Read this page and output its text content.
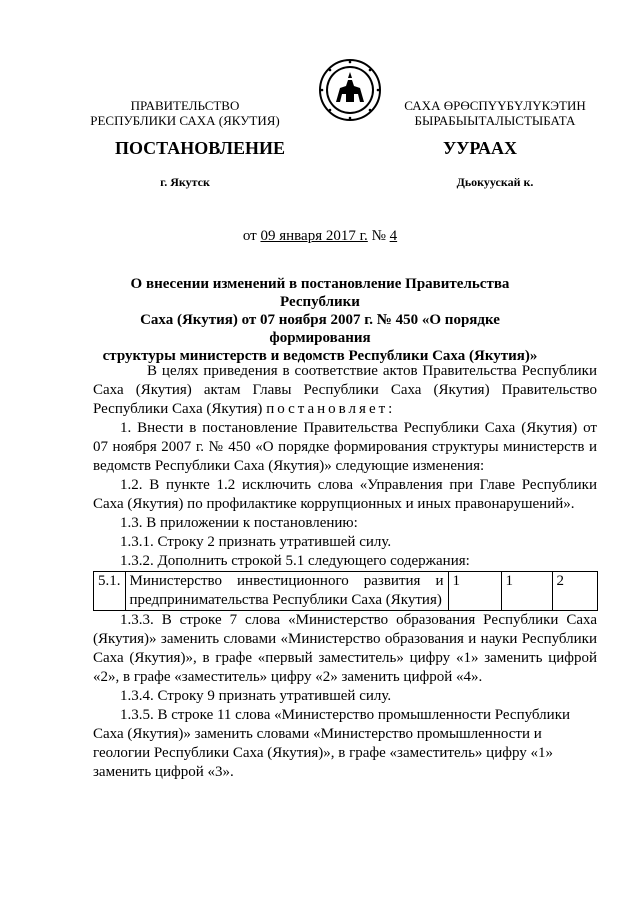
ПРАВИТЕЛЬСТВО
РЕСПУБЛИКИ САХА (ЯКУТИЯ)
САХА ӨРӨСПҮҮБҮЛҮКЭТИН
БЫРАБЫЫТАЛЫСТЫБАТА
ПОСТАНОВЛЕНИЕ	УУРААХ
г. Якутск	Дьокуускай к.
от 09 января 2017 г. № 4
О внесении изменений в постановление Правительства Республики
Саха (Якутия) от 07 ноября 2007 г. № 450 «О порядке формирования
структуры министерств и ведомств Республики Саха (Якутия)»

В целях приведения в соответствие актов Правительства Республики Саха (Якутия) актам Главы Республики Саха (Якутия) Правительство Республики Саха (Якутия) постановляет:

1. Внести в постановление Правительства Республики Саха (Якутия) от 07 ноября 2007 г. № 450 «О порядке формирования структуры министерств и ведомств Республики Саха (Якутия)» следующие изменения:

1.2. В пункте 1.2 исключить слова «Управления при Главе Республики Саха (Якутия) по профилактике коррупционных и иных правонарушений».

1.3. В приложении к постановлению:

1.3.1. Строку 2 признать утратившей силу.

1.3.2. Дополнить строкой 5.1 следующего содержания:

5.1.	Министерство инвестиционного развития и предпринимательства Республики Саха (Якутия)	1	1	2

1.3.3. В строке 7 слова «Министерство образования Республики Саха (Якутия)» заменить словами «Министерство образования и науки Республики Саха (Якутия)», в графе «первый заместитель» цифру «1» заменить цифрой «2», в графе «заместитель» цифру «2» заменить цифрой «4».

1.3.4. Строку 9 признать утратившей силу.

1.3.5. В строке 11 слова «Министерство промышленности Республики Саха (Якутия)» заменить словами «Министерство промышленности и геологии Республики Саха (Якутия)», в графе «заместитель» цифру «1» заменить цифрой «3».
